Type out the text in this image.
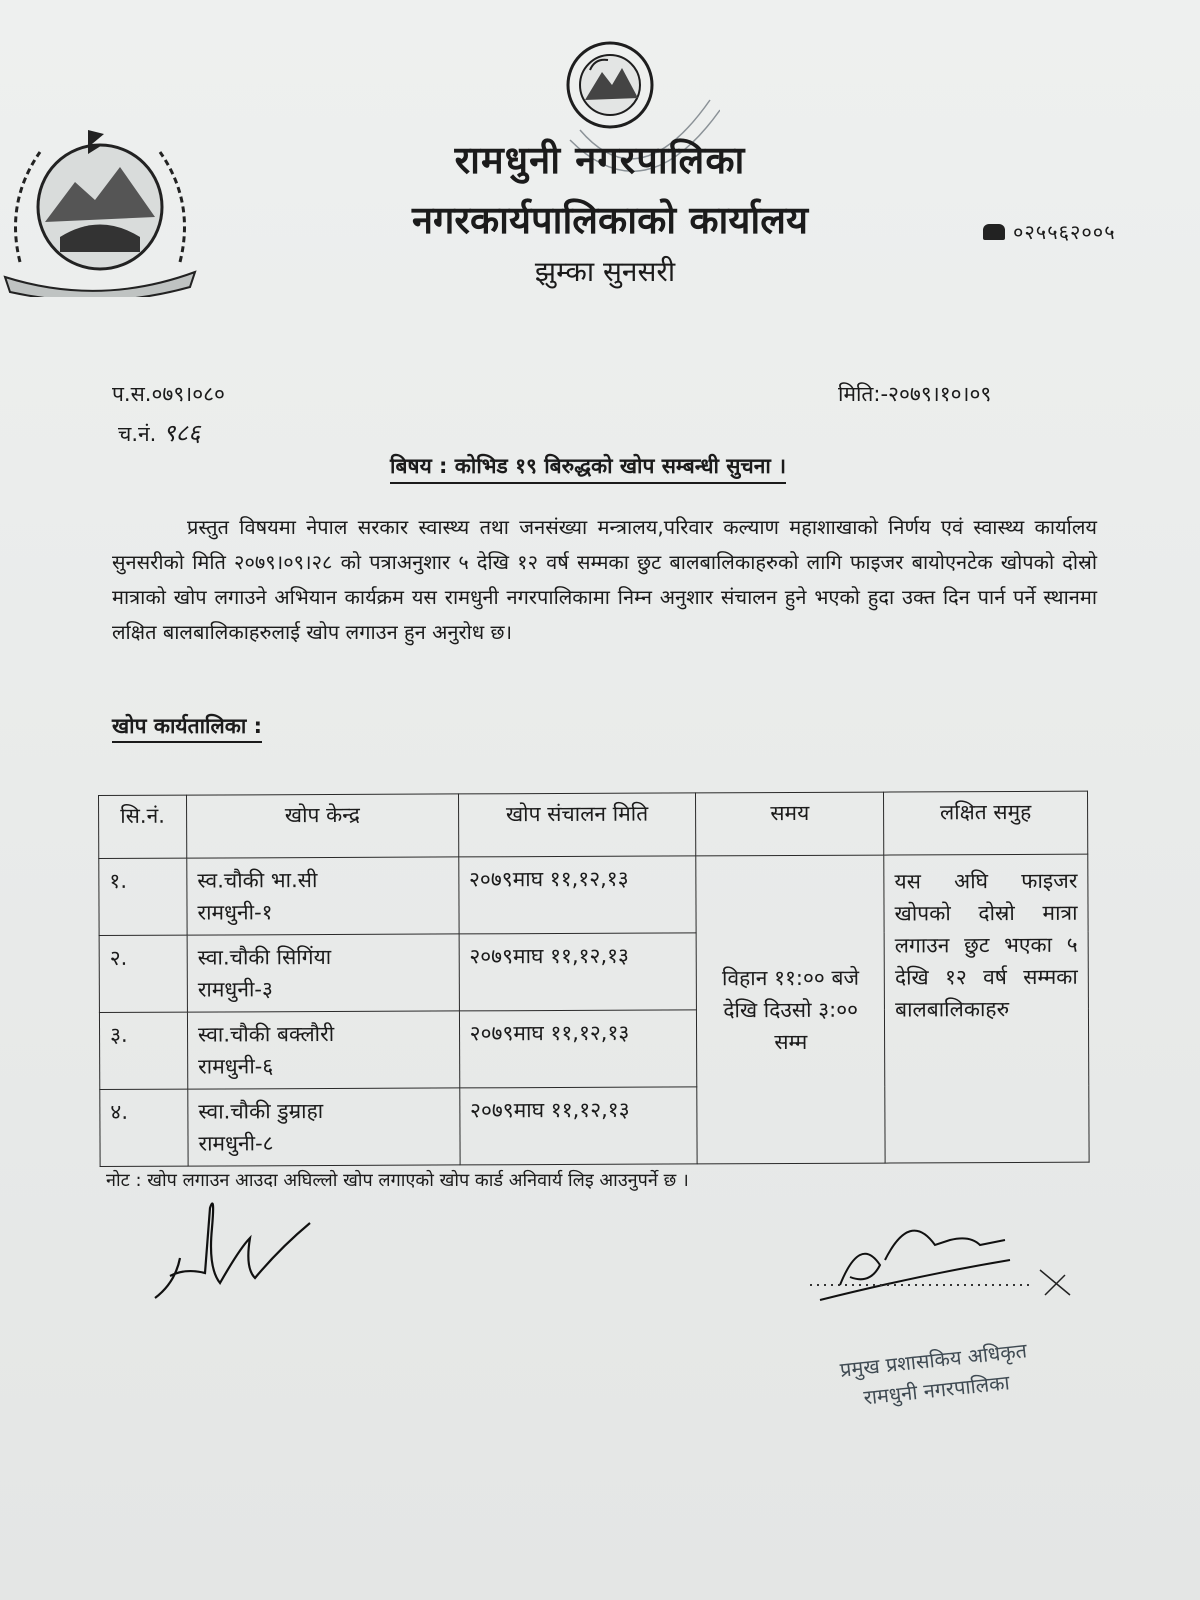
रामधुनी नगरपालिका
नगरकार्यपालिकाको कार्यालय
झुम्का सुनसरी
०२५५६२००५
प.स.०७९।०८०
च.नं. ९८६
मिति:-२०७९।१०।०९
बिषय : कोभिड १९ बिरुद्धको खोप सम्बन्धी सुचना ।
प्रस्तुत विषयमा नेपाल सरकार स्वास्थ्य तथा जनसंख्या मन्त्रालय,परिवार कल्याण महाशाखाको निर्णय एवं स्वास्थ्य कार्यालय सुनसरीको मिति २०७९।०९।२८ को पत्राअनुशार ५ देखि १२ वर्ष सम्मका छुट बालबालिकाहरुको लागि फाइजर बायोएनटेक खोपको दोस्रो मात्राको खोप लगाउने अभियान कार्यक्रम यस रामधुनी नगरपालिकामा निम्न अनुशार संचालन हुने भएको हुदा उक्त दिन पार्न पर्ने स्थानमा लक्षित बालबालिकाहरुलाई खोप लगाउन हुन अनुरोध छ।
खोप कार्यतालिका :
सि.नं.	खोप केन्द्र	खोप संचालन मिति	समय	लक्षित समुह
१.	स्व.चौकी भा.सी
रामधुनी-१	२०७९माघ ११,१२,१३	विहान ११:०० बजे देखि दिउसो ३:०० सम्म	यस अघि फाइजर खोपको दोस्रो मात्रा लगाउन छुट भएका ५ देखि १२ वर्ष सम्मका बालबालिकाहरु
२.	स्वा.चौकी सिगिंया
रामधुनी-३	२०७९माघ ११,१२,१३		
३.	स्वा.चौकी बक्लौरी
रामधुनी-६	२०७९माघ ११,१२,१३		
४.	स्वा.चौकी डुम्राहा
रामधुनी-८	२०७९माघ ११,१२,१३		
नोट : खोप लगाउन आउदा अघिल्लो खोप लगाएको खोप कार्ड अनिवार्य लिइ आउनुपर्ने छ ।
प्रमुख प्रशासकिय अधिकृत
रामधुनी नगरपालिका
